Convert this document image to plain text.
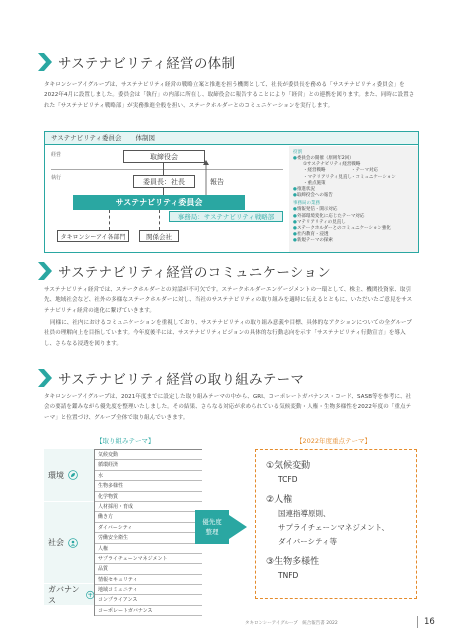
サステナビリティ経営の体制
タキロンシーアイグループは、サステナビリティ経営の戦略立案と推進を担う機関として、社長が委員長を務める「サステナビリティ委員会」を2022年4月に設置しました。委員会は「執行」の内部に所在し、取締役会に報告することにより「経営」との連携を図ります。また、同時に設置された「サステナビリティ戦略部」が実務推進全般を担い、ステークホルダーとのコミュニケーションを実行します。
サステナビリティ委員会 体制図
経営
執行
取締役会
委員長：社長	報告
サステナビリティ委員会
事務局：サステナビリティ戦略部
タキロンシーアイ各部門	関係会社
役割
●委員会の開催（原則年2回）
①サステナビリティ経営戦略
・経営戦略	・テーマ対応
・マテリアリティ見直し ・コミュニケーション
・重点施策
●推進状況
●取締役会への報告
事務局の業務
●情報発信・開示対応
●外部環境変化に応じたテーマ対応
●マテリアリティの見直し
●ステークホルダーとのコミュニケーション強化
●社内教育・浸透
●新規テーマの探索
サステナビリティ経営のコミュニケーション
サステナビリティ経営では、ステークホルダーとの対話が不可欠です。ステークホルダーエンゲージメントの一環として、株主、機関投資家、取引先、地域社会など、社外の多様なステークホルダーに対し、当社のサステナビリティの取り組みを適時に伝えるとともに、いただいたご意見をサステナビリティ経営の進化に繋げていきます。
同様に、社内におけるコミュニケーションを重視しており、サステナビリティの取り組み意義や目標、具体的なアクションについての全グループ社員の理解向上を目指しています。今年度後半には、サステナビリティビジョンの具体的な行動志向を示す「サステナビリティ行動宣言」を導入し、さらなる浸透を図ります。
サステナビリティ経営の取り組みテーマ
タキロンシーアイグループは、2021年度までに設定した取り組みテーマの中から、GRI、コーポレートガバナンス・コード、SASB等を参考に、社会の要請を鑑みながら優先度を整理いたしました。その結果、さらなる対応が求められている気候変動・人権・生物多様性を2022年度の「重点テーマ」と位置づけ、グループ全体で取り組んでいきます。
【取り組みテーマ】	【2022年度重点テーマ】
環境
社会
ガバナンス
気候変動
循環経済
水
生物多様性
化学物質
人材採用・育成
働き方
ダイバーシティ
労働安全衛生
人権
サプライチェーンマネジメント
品質
情報セキュリティ
地域コミュニティ
コンプライアンス
コーポレートガバナンス
優先度
整理
①気候変動
TCFD
②人権
国連指導原則、
サプライチェーンマネジメント、
ダイバーシティ等
③生物多様性
TNFD
タキロンシーアイグループ　統合報告書 2022	16
